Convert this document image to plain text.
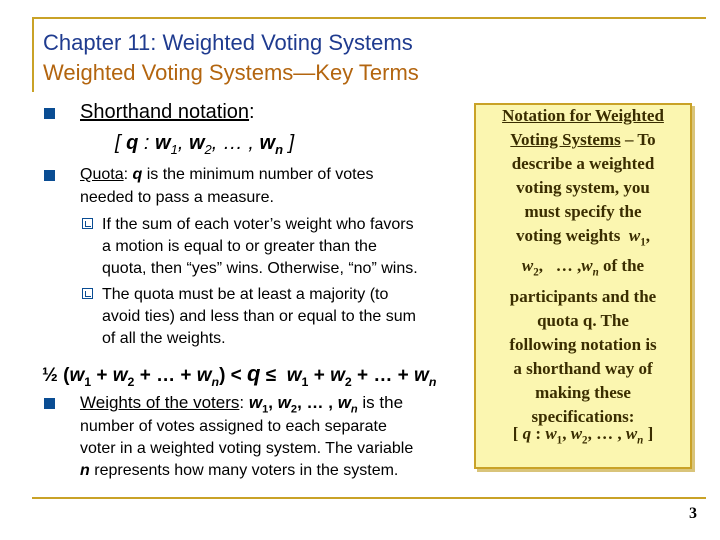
Chapter 11: Weighted Voting Systems
Weighted Voting Systems—Key Terms
Shorthand notation:
[ q : $w_1$, $w_2$, … , $w_n$ ]
Quota: q is the minimum number of votes
needed to pass a measure.
If the sum of each voter’s weight who favors
a motion is equal to or greater than the
quota, then “yes” wins. Otherwise, “no” wins.
The quota must be at least a majority (to
avoid ties) and less than or equal to the sum
of all the weights.
½ ($w_1 + w_2$ + … + $w_n) < q \le w_1 + w_2$ + … + $w_n$
Weights of the voters: $w_1$, $w_2$, … , $w_n$ is the
number of votes assigned to each separate
voter in a weighted voting system. The variable
n represents how many voters in the system.
Notation for Weighted
Voting Systems – To
describe a weighted
voting system, you
must specify the
voting weights  $w_1$,
$w_2$,   … $,w_n$ of the
participants and the
quota q. The
following notation is
a shorthand way of
making these
specifications:
[ q : $w_1$, $w_2$, … , $w_n$ ]
3
